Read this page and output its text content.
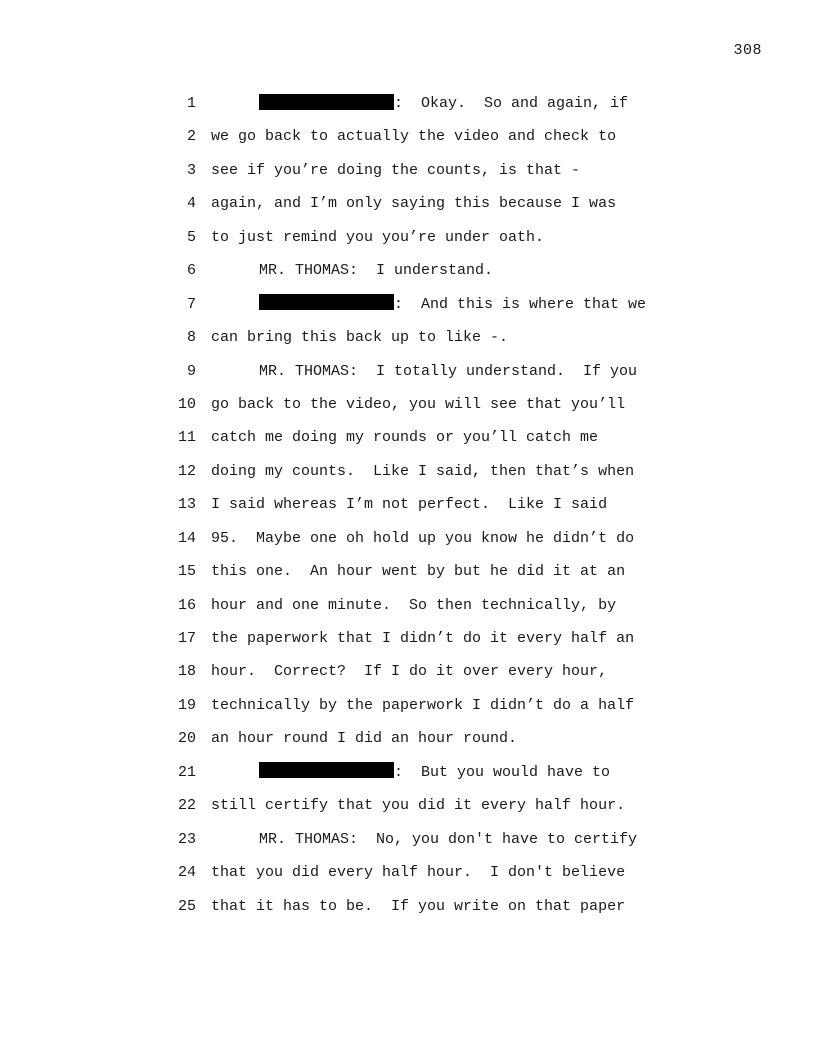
308
1	:  Okay.  So and again, if
2 we go back to actually the video and check to
3 see if you’re doing the counts, is that -
4 again, and I’m only saying this because I was
5 to just remind you you’re under oath.
6	MR. THOMAS:  I understand.
7	:  And this is where that we
8 can bring this back up to like -.
9	MR. THOMAS:  I totally understand.  If you
10 go back to the video, you will see that you’ll
11 catch me doing my rounds or you’ll catch me
12 doing my counts.  Like I said, then that’s when
13 I said whereas I’m not perfect.  Like I said
14 95.  Maybe one oh hold up you know he didn’t do
15 this one.  An hour went by but he did it at an
16 hour and one minute.  So then technically, by
17 the paperwork that I didn’t do it every half an
18 hour.  Correct?  If I do it over every hour,
19 technically by the paperwork I didn’t do a half
20 an hour round I did an hour round.
21	:  But you would have to
22 still certify that you did it every half hour.
23	MR. THOMAS:  No, you don't have to certify
24 that you did every half hour.  I don't believe
25 that it has to be.  If you write on that paper
